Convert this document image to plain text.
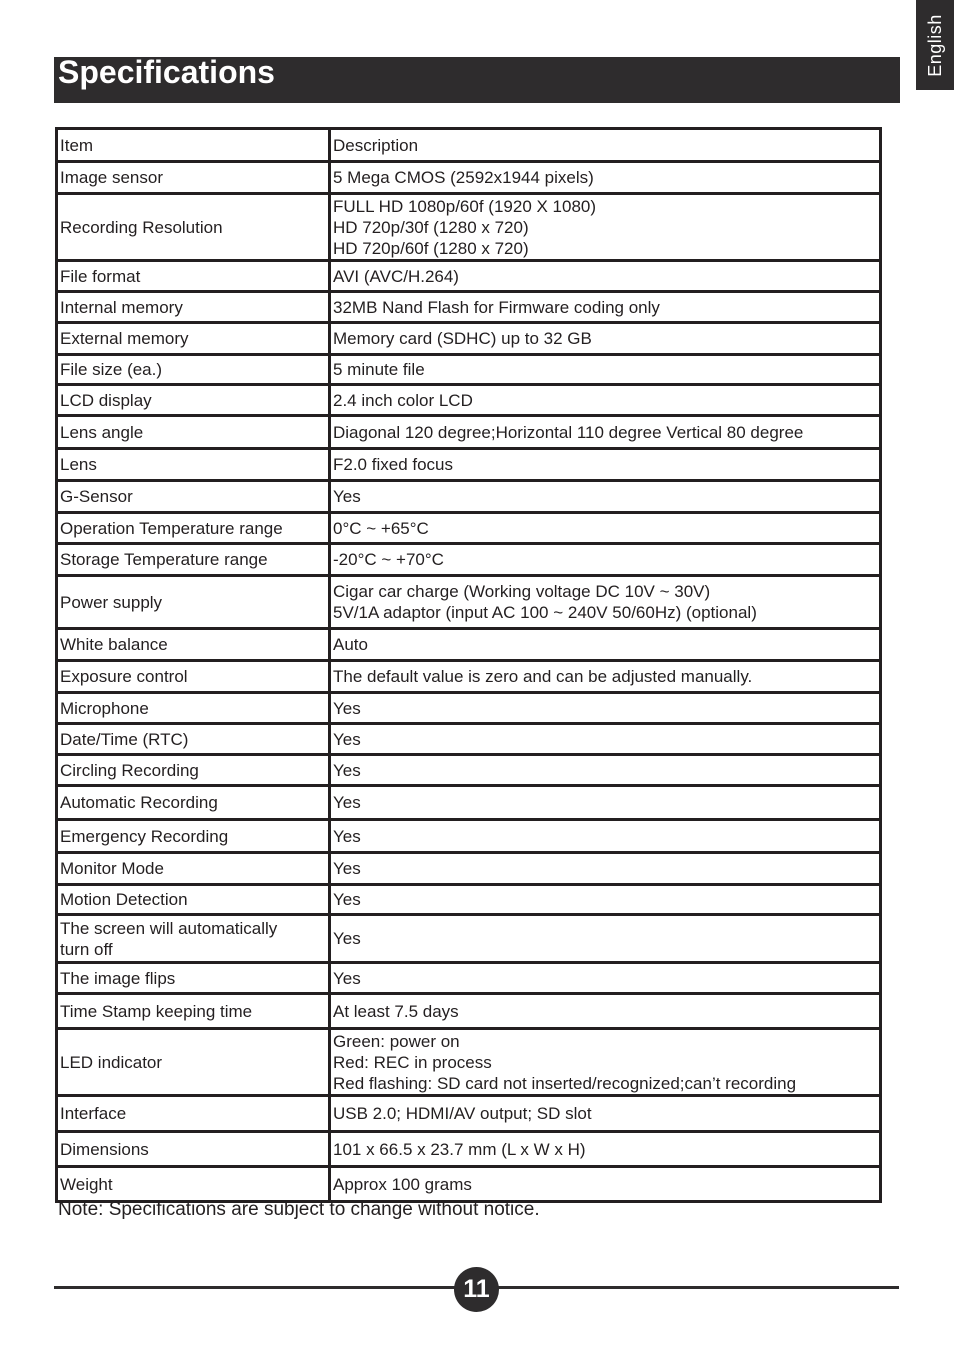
English
Specifications
Item	Description
Image sensor	5 Mega CMOS (2592x1944 pixels)
Recording Resolution	FULL HD 1080p/60f (1920 X 1080)
HD 720p/30f (1280 x 720)
HD 720p/60f (1280 x 720)
File format	AVI (AVC/H.264)
Internal memory	32MB Nand Flash for Firmware coding only
External memory	Memory card (SDHC) up to 32 GB
File size (ea.)	5 minute file
LCD display	2.4 inch color LCD
Lens angle	Diagonal 120 degree;Horizontal 110 degree Vertical 80 degree
Lens	F2.0 fixed focus
G-Sensor	Yes
Operation Temperature range	0°C ~ +65°C
Storage Temperature range	-20°C ~ +70°C
Power supply	Cigar car charge (Working voltage DC 10V ~ 30V)
5V/1A adaptor (input AC 100 ~ 240V 50/60Hz) (optional)
White balance	Auto
Exposure control	The default value is zero and can be adjusted manually.
Microphone	Yes
Date/Time (RTC)	Yes
Circling Recording	Yes
Automatic Recording	Yes
Emergency Recording	Yes
Monitor Mode	Yes
Motion Detection	Yes
The screen will automatically
turn off	Yes
The image flips	Yes
Time Stamp keeping time	At least 7.5 days
LED indicator	Green: power on
Red: REC in process
Red flashing: SD card not inserted/recognized;can’t recording
Interface	USB 2.0; HDMI/AV output; SD slot
Dimensions	101 x 66.5 x 23.7 mm (L x W x H)
Weight	Approx 100 grams
Note: Specifications are subject to change without notice.
11
